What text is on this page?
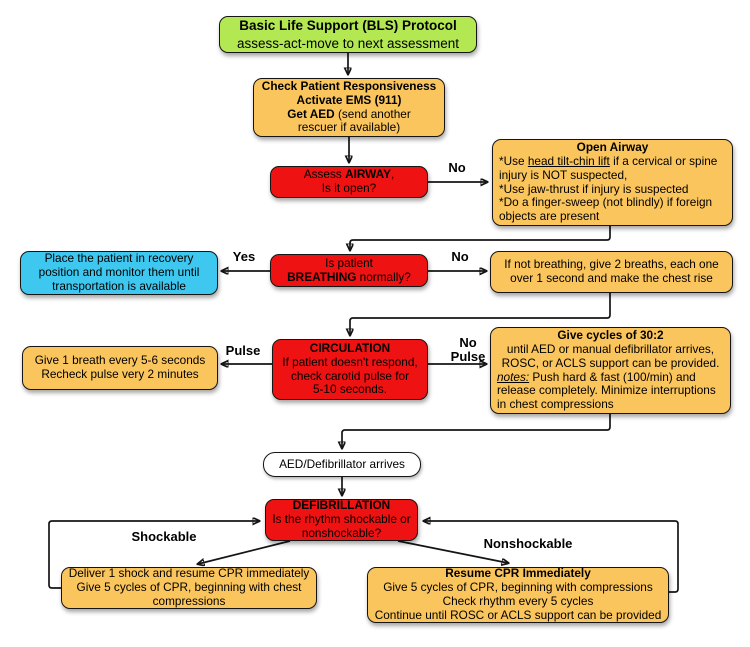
Basic Life Support (BLS) Protocol
assess-act-move to next assessment
Check Patient Responsiveness
Activate EMS (911)
Get AED (send another
rescuer if available)
Assess AIRWAY,
Is it open?
Open Airway
*Use head tilt-chin lift if a cervical or spine
injury is NOT suspected,
*Use jaw-thrust if injury is suspected
*Do a finger-sweep (not blindly) if foreign
objects are present
Place the patient in recovery
position and monitor them until
transportation is available
Is patient
BREATHING normally?
If not breathing, give 2 breaths, each one
over 1 second and make the chest rise
Give 1 breath every 5-6 seconds
Recheck pulse very 2 minutes
CIRCULATION
If patient doesn't respond,
check carotid pulse for
5-10 seconds.
Give cycles of 30:2
until AED or manual defibrillator arrives,
ROSC, or ACLS support can be provided.
notes: Push hard & fast (100/min) and
release completely. Minimize interruptions
in chest compressions
AED/Defibrillator arrives
DEFIBRILLATION
Is the rhythm shockable or
nonshockable?
Deliver 1 shock and resume CPR immediately
Give 5 cycles of CPR, beginning with chest
compressions
Resume CPR Immediately
Give 5 cycles of CPR, beginning with compressions
Check rhythm every 5 cycles
Continue until ROSC or ACLS support can be provided
No
Yes	No
Pulse
No
Pulse
Shockable	Nonshockable
